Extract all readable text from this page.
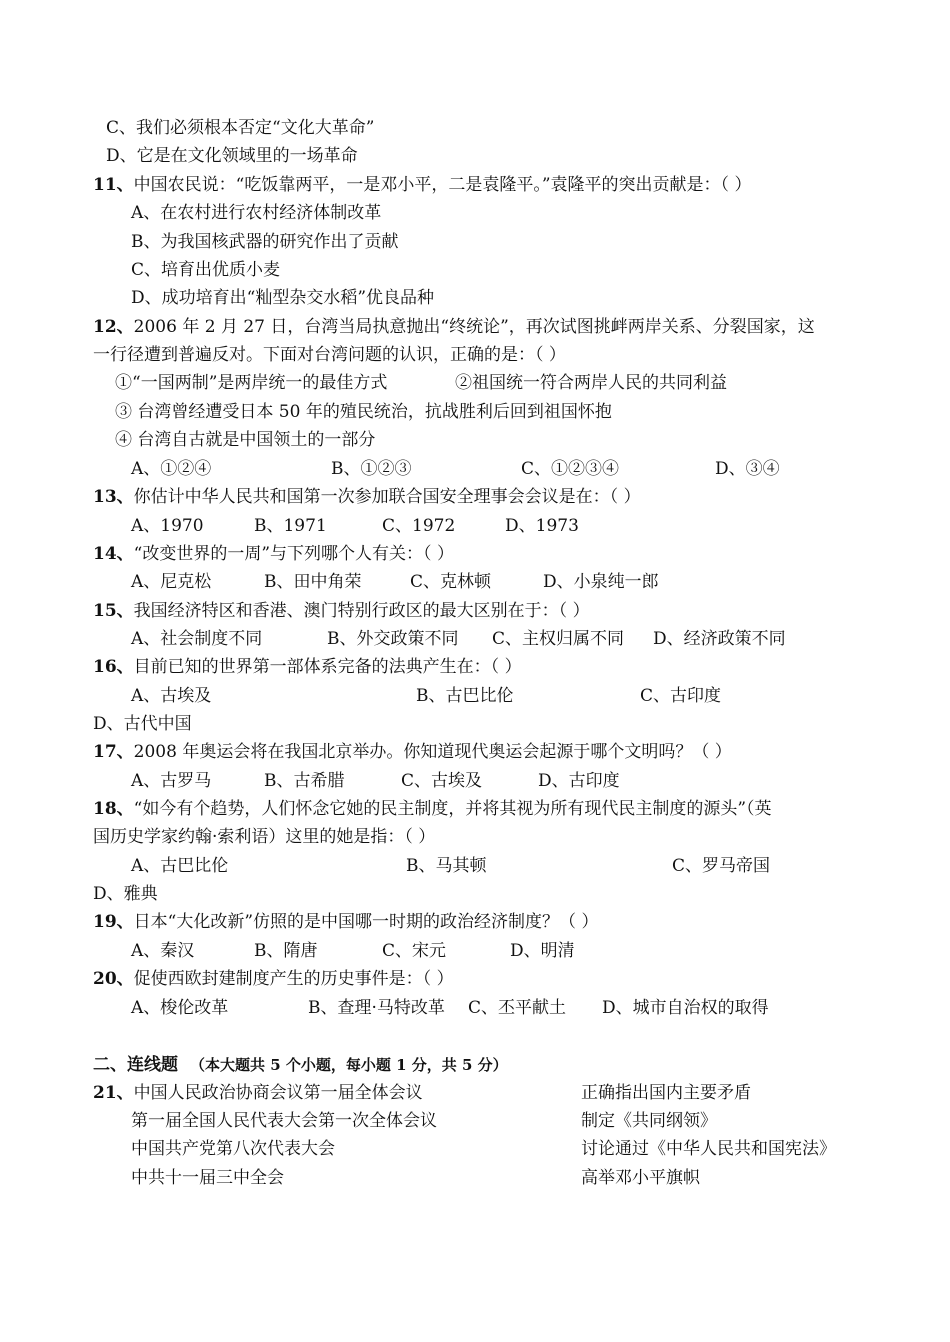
C、我们必须根本否定“文化大革命”
D、它是在文化领域里的一场革命
11、中国农民说：“吃饭靠两平，一是邓小平，二是袁隆平。”袁隆平的突出贡献是：（ ）
A、在农村进行农村经济体制改革
B、为我国核武器的研究作出了贡献
C、培育出优质小麦
D、成功培育出“籼型杂交水稻”优良品种
12、2006 年 2 月 27 日，台湾当局执意抛出“终统论”，再次试图挑衅两岸关系、分裂国家，这
一行径遭到普遍反对。下面对台湾问题的认识，正确的是：（ ）
①“一国两制”是两岸统一的最佳方式	②祖国统一符合两岸人民的共同利益
③ 台湾曾经遭受日本 50 年的殖民统治，抗战胜利后回到祖国怀抱
④ 台湾自古就是中国领土的一部分
A、①②④	B、①②③	C、①②③④	D、③④
13、你估计中华人民共和国第一次参加联合国安全理事会会议是在：（ ）
A、1970	B、1971	C、1972	D、1973
14、“改变世界的一周”与下列哪个人有关：（ ）
A、尼克松	B、田中角荣	C、克林顿	D、小泉纯一郎
15、我国经济特区和香港、澳门特别行政区的最大区别在于：（ ）
A、社会制度不同	B、外交政策不同 C、主权归属不同 D、经济政策不同
16、目前已知的世界第一部体系完备的法典产生在：（ ）
A、古埃及	B、古巴比伦	C、古印度
D、古代中国
17、2008 年奥运会将在我国北京举办。你知道现代奥运会起源于哪个文明吗？（ ）
A、古罗马	B、古希腊	C、古埃及	D、古印度
18、“如今有个趋势，人们怀念它她的民主制度，并将其视为所有现代民主制度的源头”（英
国历史学家约翰·索利语）这里的她是指：（ ）
A、古巴比伦	B、马其顿	C、罗马帝国
D、雅典
19、日本“大化改新”仿照的是中国哪一时期的政治经济制度？（ ）
A、秦汉	B、隋唐	C、宋元	D、明清
20、促使西欧封建制度产生的历史事件是：（ ）
A、梭伦改革	B、查理·马特改革 C、丕平献土 D、城市自治权的取得
二、连线题 （本大题共 5 个小题，每小题 1 分，共 5 分）
21、中国人民政治协商会议第一届全体会议
第一届全国人民代表大会第一次全体会议
中国共产党第八次代表大会
中共十一届三中全会
正确指出国内主要矛盾
制定《共同纲领》
讨论通过《中华人民共和国宪法》
高举邓小平旗帜
